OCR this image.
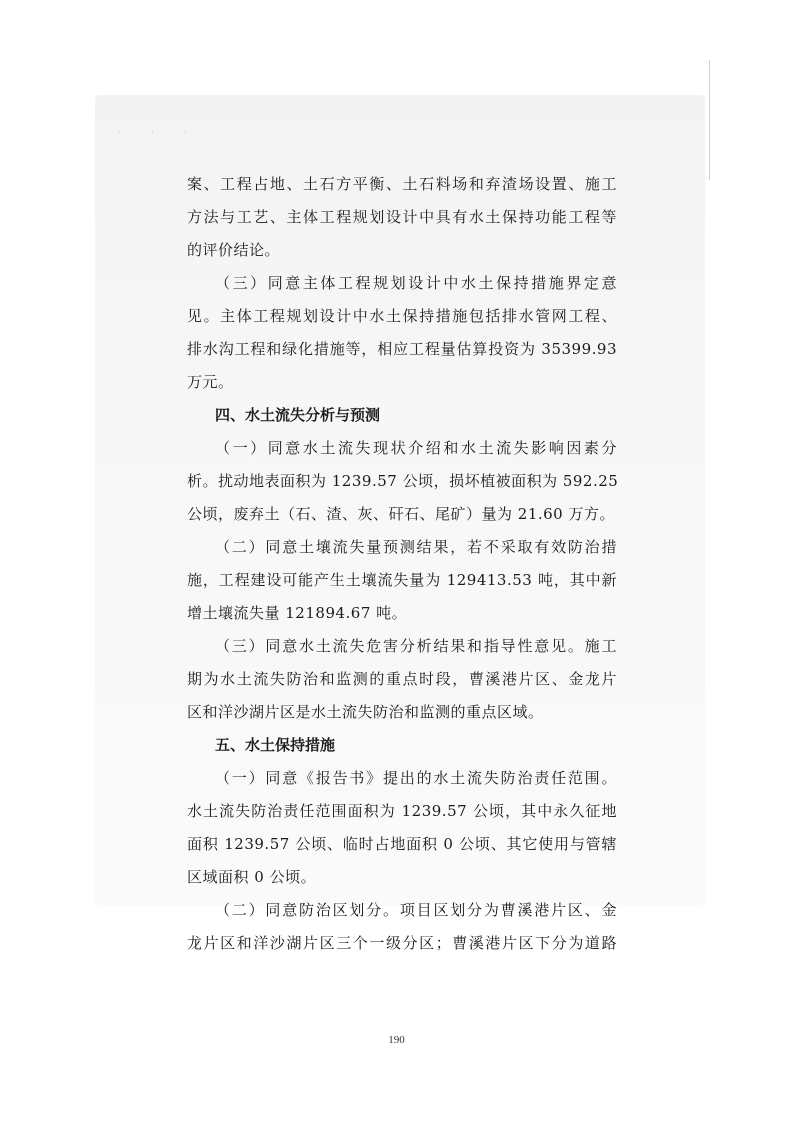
· · ·
案、工程占地、土石方平衡、土石料场和弃渣场设置、施工
方法与工艺、主体工程规划设计中具有水土保持功能工程等
的评价结论。
（三）同意主体工程规划设计中水土保持措施界定意
见。主体工程规划设计中水土保持措施包括排水管网工程、
排水沟工程和绿化措施等，相应工程量估算投资为 35399.93
万元。
四、水土流失分析与预测
（一）同意水土流失现状介绍和水土流失影响因素分
析。扰动地表面积为 1239.57 公顷，损坏植被面积为 592.25
公顷，废弃土（石、渣、灰、矸石、尾矿）量为 21.60 万方。
（二）同意土壤流失量预测结果，若不采取有效防治措
施，工程建设可能产生土壤流失量为 129413.53 吨，其中新
增土壤流失量 121894.67 吨。
（三）同意水土流失危害分析结果和指导性意见。施工
期为水土流失防治和监测的重点时段，曹溪港片区、金龙片
区和洋沙湖片区是水土流失防治和监测的重点区域。
五、水土保持措施
（一）同意《报告书》提出的水土流失防治责任范围。
水土流失防治责任范围面积为 1239.57 公顷，其中永久征地
面积 1239.57 公顷、临时占地面积 0 公顷、其它使用与管辖
区域面积 0 公顷。
（二）同意防治区划分。项目区划分为曹溪港片区、金
龙片区和洋沙湖片区三个一级分区；曹溪港片区下分为道路
190
